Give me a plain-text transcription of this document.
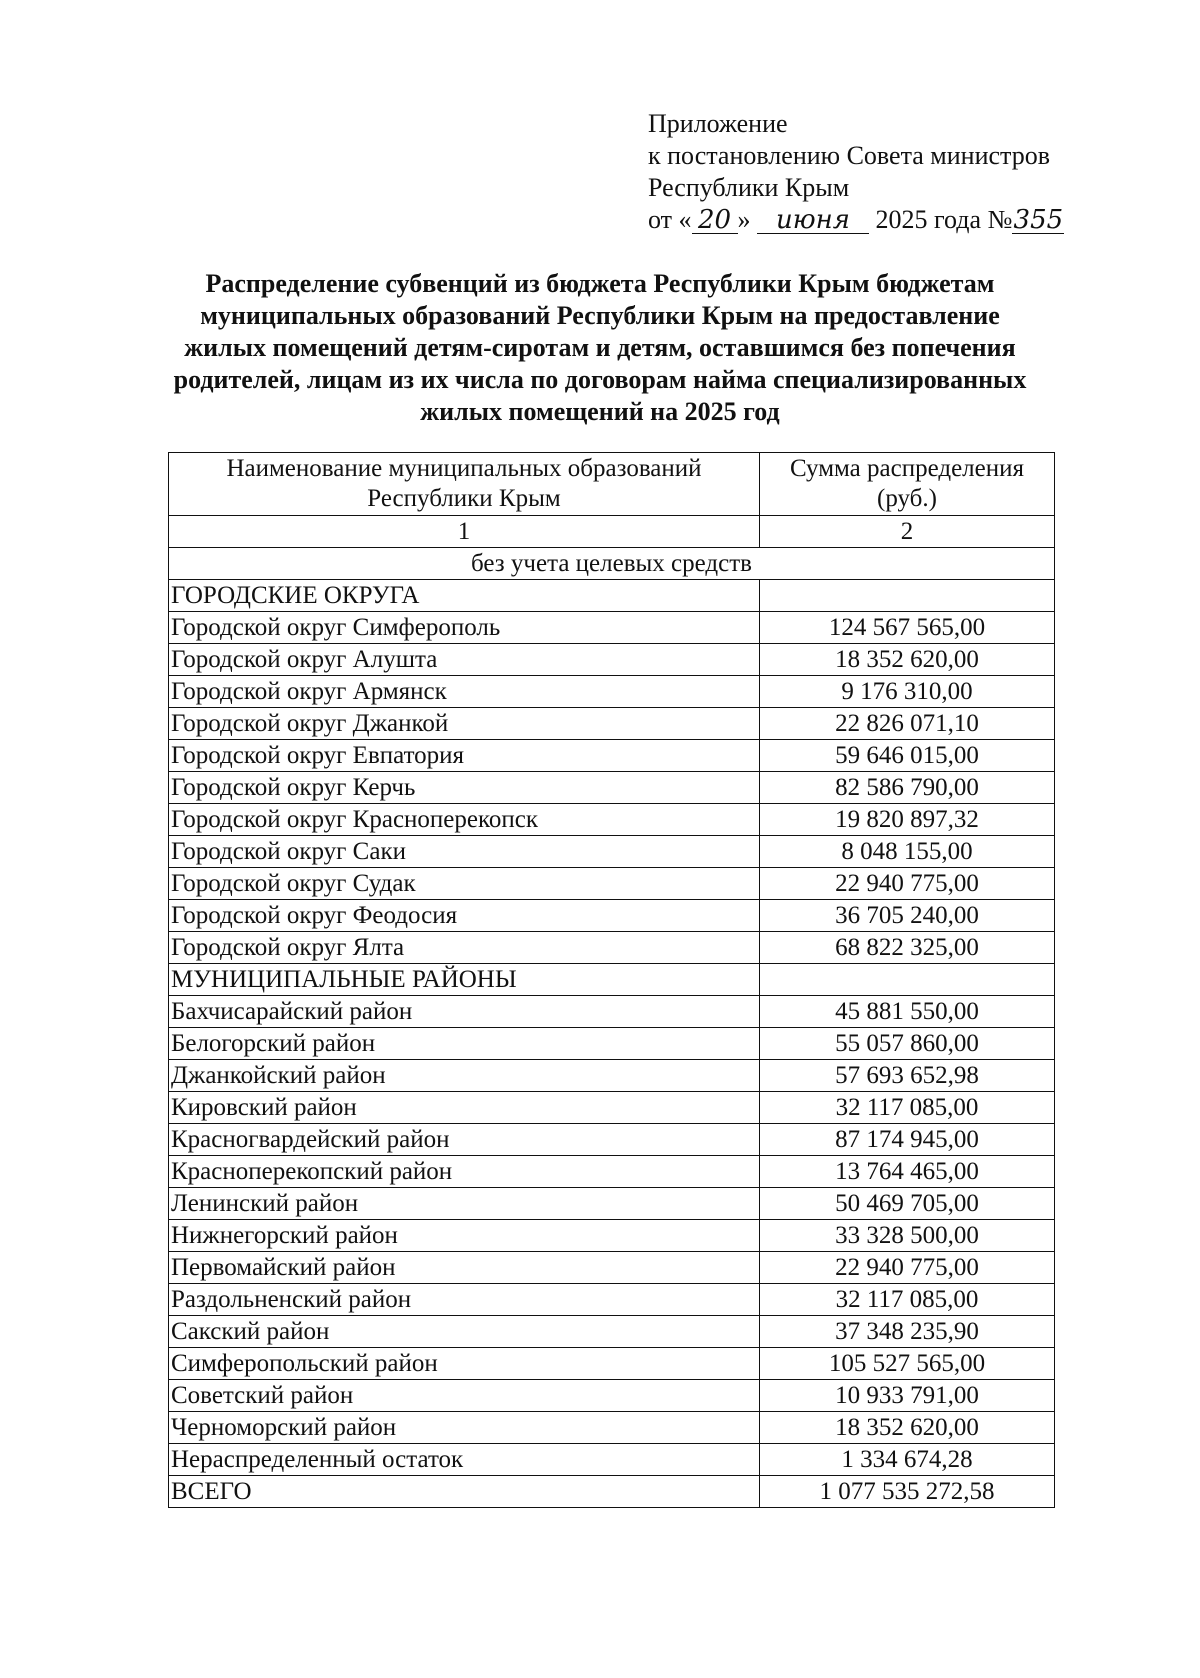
Приложение
к постановлению Совета министров
Республики Крым
от « 20 » июня 2025 года №355
Распределение субвенций из бюджета Республики Крым бюджетам муниципальных образований Республики Крым на предоставление жилых помещений детям-сиротам и детям, оставшимся без попечения родителей, лицам из их числа по договорам найма специализированных жилых помещений на 2025 год
Наименование муниципальных образований Республики Крым	Сумма распределения (руб.)
1	2
без учета целевых средств	
ГОРОДСКИЕ ОКРУГА	
Городской округ Симферополь	124 567 565,00
Городской округ Алушта	18 352 620,00
Городской округ Армянск	9 176 310,00
Городской округ Джанкой	22 826 071,10
Городской округ Евпатория	59 646 015,00
Городской округ Керчь	82 586 790,00
Городской округ Красноперекопск	19 820 897,32
Городской округ Саки	8 048 155,00
Городской округ Судак	22 940 775,00
Городской округ Феодосия	36 705 240,00
Городской округ Ялта	68 822 325,00
МУНИЦИПАЛЬНЫЕ РАЙОНЫ	
Бахчисарайский район	45 881 550,00
Белогорский район	55 057 860,00
Джанкойский район	57 693 652,98
Кировский район	32 117 085,00
Красногвардейский район	87 174 945,00
Красноперекопский район	13 764 465,00
Ленинский район	50 469 705,00
Нижнегорский район	33 328 500,00
Первомайский район	22 940 775,00
Раздольненский район	32 117 085,00
Сакский район	37 348 235,90
Симферопольский район	105 527 565,00
Советский район	10 933 791,00
Черноморский район	18 352 620,00
Нераспределенный остаток	1 334 674,28
ВСЕГО	1 077 535 272,58
